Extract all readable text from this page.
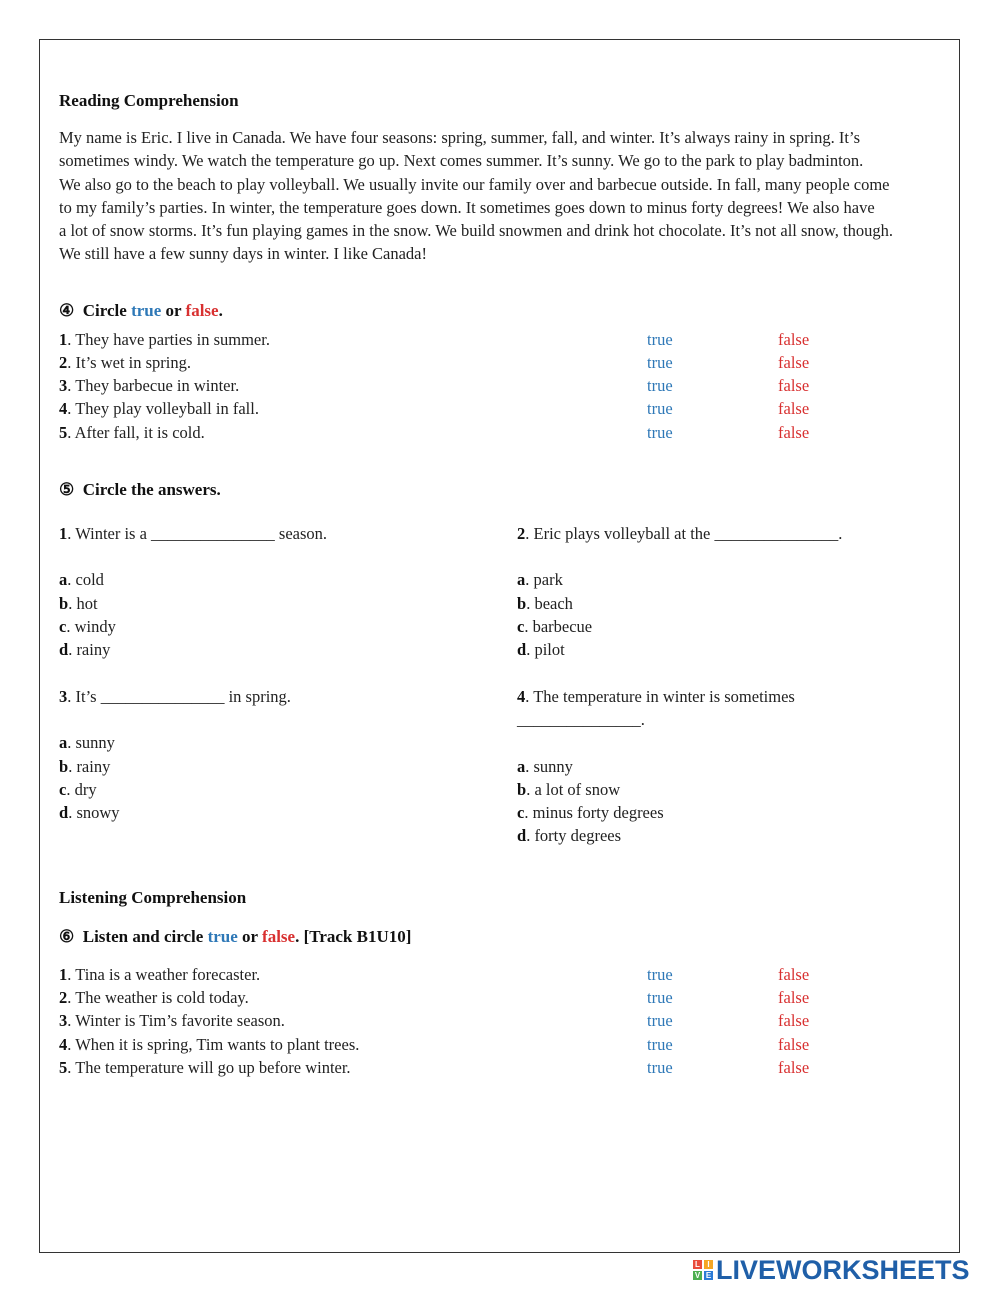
Reading Comprehension

My name is Eric. I live in Canada. We have four seasons: spring, summer, fall, and winter. It’s always rainy in spring. It’s

sometimes windy. We watch the temperature go up. Next comes summer. It’s sunny. We go to the park to play badminton.

We also go to the beach to play volleyball. We usually invite our family over and barbecue outside. In fall, many people come

to my family’s parties. In winter, the temperature goes down. It sometimes goes down to minus forty degrees! We also have

a lot of snow storms. It’s fun playing games in the snow. We build snowmen and drink hot chocolate. It’s not all snow, though.

We still have a few sunny days in winter. I like Canada!

④ Circle true or false.
1. They have parties in summer.	true	false
2. It’s wet in spring.	true	false
3. They barbecue in winter.	true	false
4. They play volleyball in fall.	true	false
5. After fall, it is cold.	true	false
⑤ Circle the answers.
1. Winter is a _______________ season.
a. cold
b. hot
c. windy
d. rainy
2. Eric plays volleyball at the _______________.
a. park
b. beach
c. barbecue
d. pilot
3. It’s _______________ in spring.
a. sunny
b. rainy
c. dry
d. snowy
4. The temperature in winter is sometimes
_______________.
a. sunny
b. a lot of snow
c. minus forty degrees
d. forty degrees
Listening Comprehension
⑥ Listen and circle true or false. [Track B1U10]
1. Tina is a weather forecaster.	true	false
2. The weather is cold today.	true	false
3. Winter is Tim’s favorite season.	true	false
4. When it is spring, Tim wants to plant trees.	true	false
5. The temperature will go up before winter.	true	false
L I
V E LIVEWORKSHEETS
